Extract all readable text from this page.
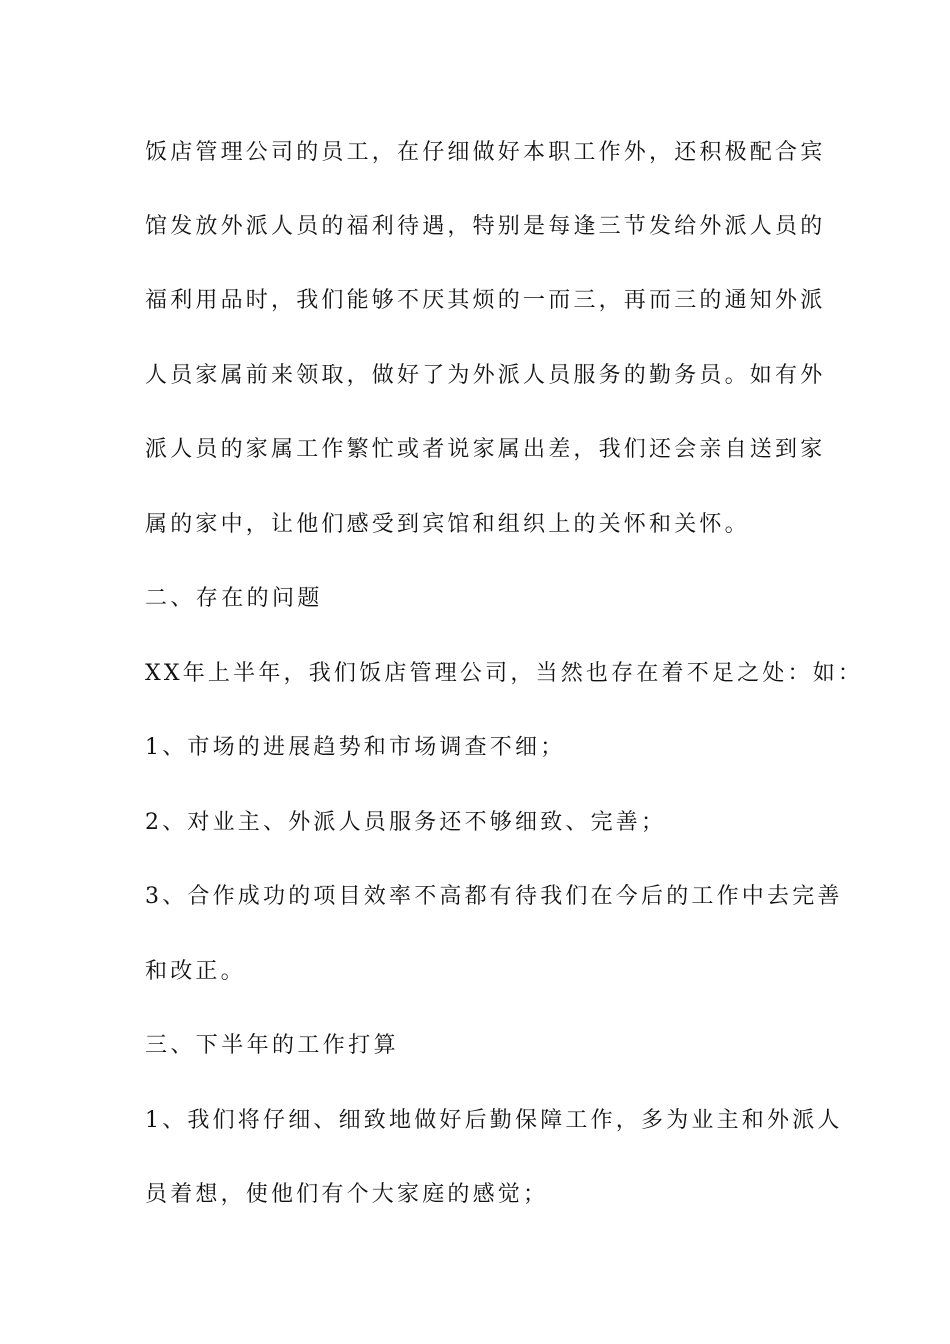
饭店管理公司的员工，在仔细做好本职工作外，还积极配合宾

馆发放外派人员的福利待遇，特别是每逢三节发给外派人员的

福利用品时，我们能够不厌其烦的一而三，再而三的通知外派

人员家属前来领取，做好了为外派人员服务的勤务员。如有外

派人员的家属工作繁忙或者说家属出差，我们还会亲自送到家

属的家中，让他们感受到宾馆和组织上的关怀和关怀。

二、存在的问题

XX年上半年，我们饭店管理公司，当然也存在着不足之处：如：

1、市场的进展趋势和市场调查不细；

2、对业主、外派人员服务还不够细致、完善；

3、合作成功的项目效率不高都有待我们在今后的工作中去完善

和改正。

三、下半年的工作打算

1、我们将仔细、细致地做好后勤保障工作，多为业主和外派人

员着想，使他们有个大家庭的感觉；
